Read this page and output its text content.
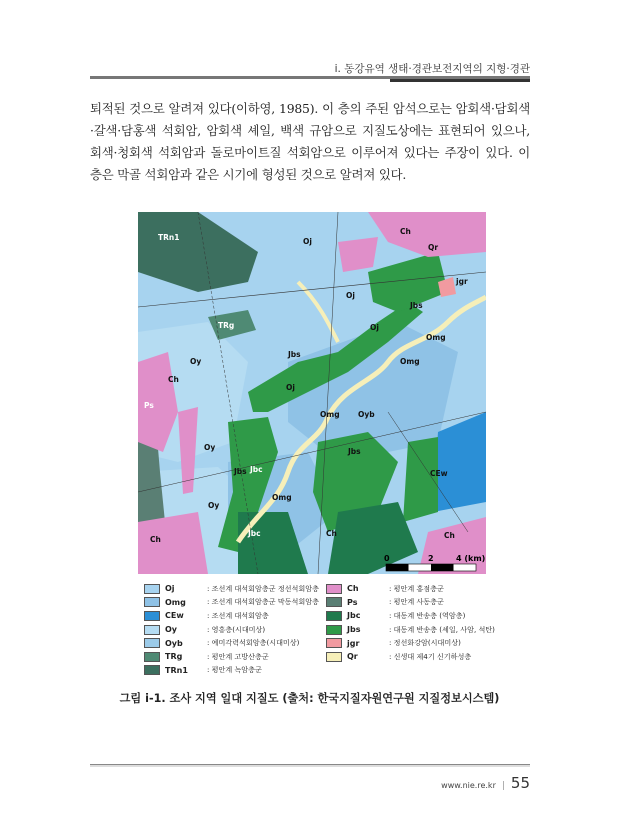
i. 동강유역 생태·경관보전지역의 지형·경관

퇴적된 것으로 알려져 있다(이하영, 1985). 이 층의 주된 암석으로는 암회색·담회색·갈색·담홍색 석회암, 암회색 셰일, 백색 규암으로 지질도상에는 표현되어 있으나, 회색·청회색 석회암과 돌로마이트질 석회암으로 이루어져 있다는 주장이 있다. 이 층은 막골 석회암과 같은 시기에 형성된 것으로 알려져 있다.

TRn1	Oj
Ch
Qr
jgr
Oj
Jbs
TRg	Oj
Omg
Oy
Jbs
Omg
Ch
Oj
Ps
Omg Oyb
Oy	Jbs
Jbs Jbc	CEw
Oy
Omg
Jbc	Ch
Ch	Ch
0	2	4 (km)
Oj	: 조선계 대석회암층군 정선석회암층
Omg	: 조선계 대석회암층군 막동석회암층
CEw	: 조선계 대석회암층
Oy	: 영흥층(시대미상)
Oyb	: 예미각력석회암층(시대미상)
TRg	: 평안계 고방산층군
TRn1	: 평안계 녹암층군
Ch	: 평안계 홍점층군
Ps	: 평안계 사동층군
Jbc	: 대동계 반송층 (역암층)
Jbs	: 대동계 반송층 (셰일, 사암, 석탄)
jgr	: 정선화강암(시대미상)
Qr	: 신생대 제4기 신기하성층
그림 i-1. 조사 지역 일대 지질도 (출처: 한국지질자원연구원 지질정보시스템)
www.nie.re.kr | 55
